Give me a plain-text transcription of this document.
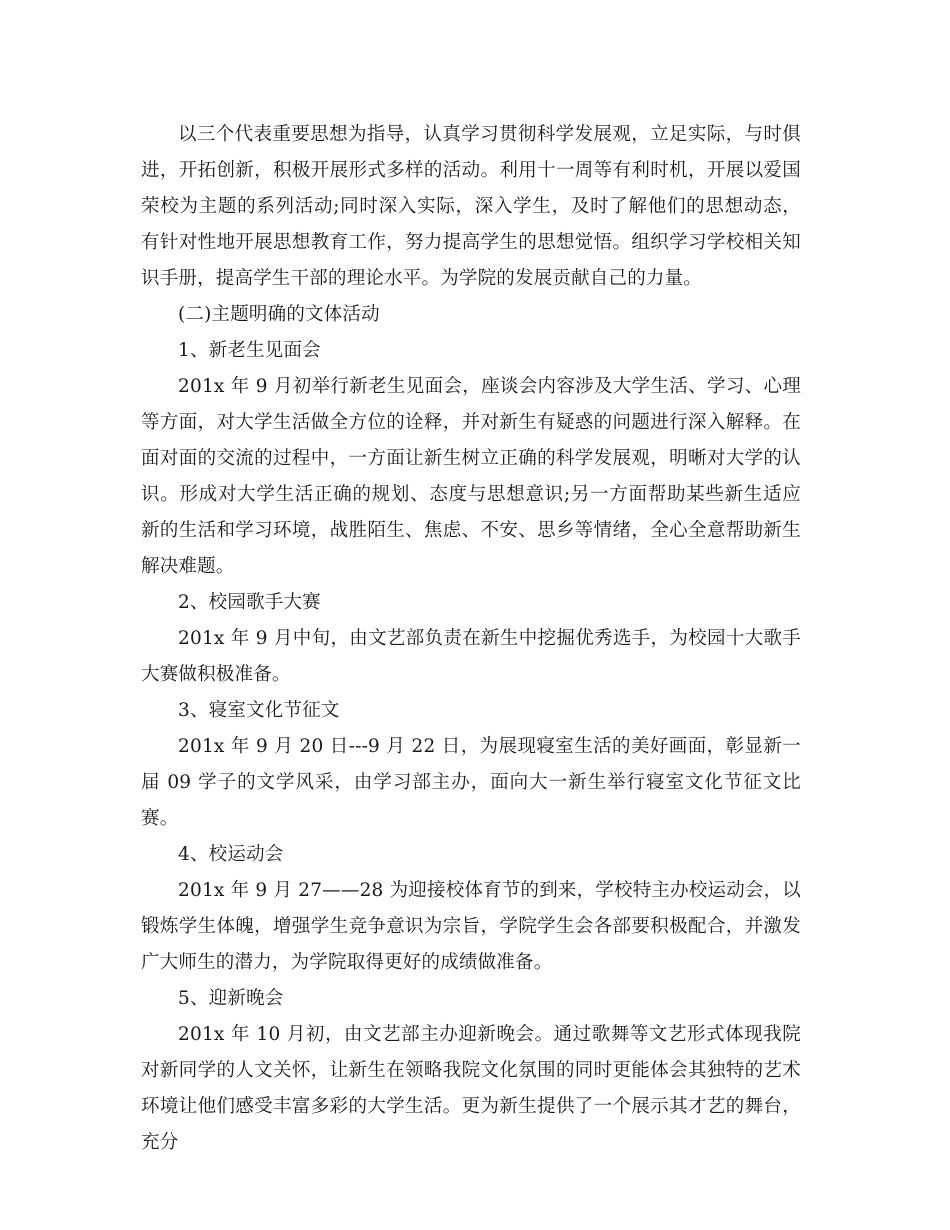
以三个代表重要思想为指导，认真学习贯彻科学发展观，立足实际，与时俱进，开拓创新，积极开展形式多样的活动。利用十一周等有利时机，开展以爱国荣校为主题的系列活动;同时深入实际，深入学生，及时了解他们的思想动态，有针对性地开展思想教育工作，努力提高学生的思想觉悟。组织学习学校相关知识手册，提高学生干部的理论水平。为学院的发展贡献自己的力量。

(二)主题明确的文体活动

1、新老生见面会

201x 年 9 月初举行新老生见面会，座谈会内容涉及大学生活、学习、心理等方面，对大学生活做全方位的诠释，并对新生有疑惑的问题进行深入解释。在面对面的交流的过程中，一方面让新生树立正确的科学发展观，明晰对大学的认识。形成对大学生活正确的规划、态度与思想意识;另一方面帮助某些新生适应新的生活和学习环境，战胜陌生、焦虑、不安、思乡等情绪，全心全意帮助新生解决难题。

2、校园歌手大赛

201x 年 9 月中旬，由文艺部负责在新生中挖掘优秀选手，为校园十大歌手大赛做积极准备。

3、寝室文化节征文

201x 年 9 月 20 日---9 月 22 日，为展现寝室生活的美好画面，彰显新一届 09 学子的文学风采，由学习部主办，面向大一新生举行寝室文化节征文比赛。

4、校运动会

201x 年 9 月 27——28 为迎接校体育节的到来，学校特主办校运动会，以锻炼学生体魄，增强学生竞争意识为宗旨，学院学生会各部要积极配合，并激发广大师生的潜力，为学院取得更好的成绩做准备。

5、迎新晚会

201x 年 10 月初，由文艺部主办迎新晚会。通过歌舞等文艺形式体现我院对新同学的人文关怀，让新生在领略我院文化氛围的同时更能体会其独特的艺术环境让他们感受丰富多彩的大学生活。更为新生提供了一个展示其才艺的舞台，充分
